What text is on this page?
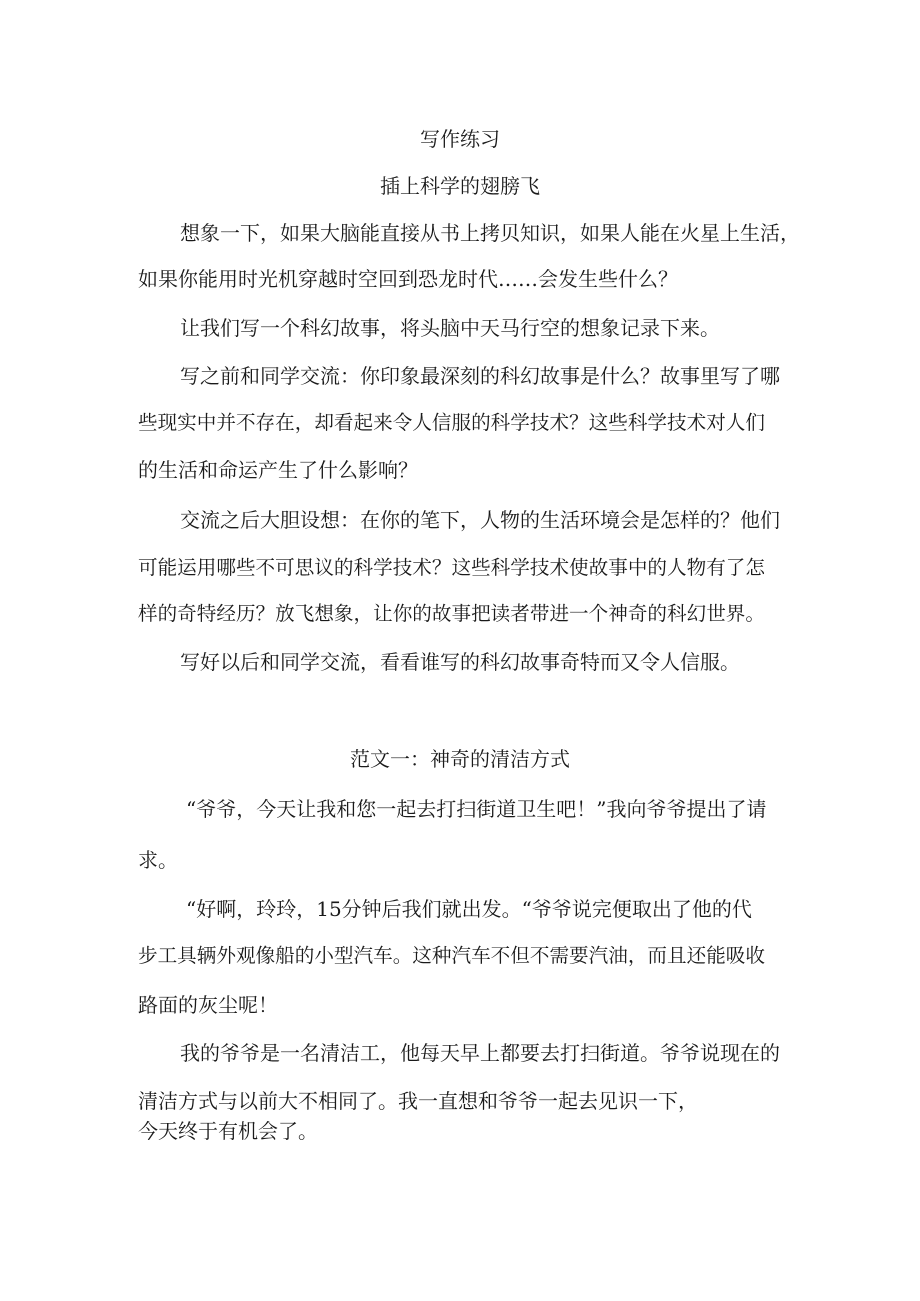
写作练习
插上科学的翅膀飞
想象一下，如果大脑能直接从书上拷贝知识，如果人能在火星上生活，
如果你能用时光机穿越时空回到恐龙时代……会发生些什么？
让我们写一个科幻故事，将头脑中天马行空的想象记录下来。
写之前和同学交流：你印象最深刻的科幻故事是什么？故事里写了哪
些现实中并不存在，却看起来令人信服的科学技术？这些科学技术对人们
的生活和命运产生了什么影响？
交流之后大胆设想：在你的笔下，人物的生活环境会是怎样的？他们
可能运用哪些不可思议的科学技术？这些科学技术使故事中的人物有了怎
样的奇特经历？放飞想象，让你的故事把读者带进一个神奇的科幻世界。
写好以后和同学交流，看看谁写的科幻故事奇特而又令人信服。
范文一：神奇的清洁方式
“爷爷，今天让我和您一起去打扫街道卫生吧！”我向爷爷提出了请
求。
“好啊，玲玲，15分钟后我们就出发。“爷爷说完便取出了他的代
步工具辆外观像船的小型汽车。这种汽车不但不需要汽油，而且还能吸收
路面的灰尘呢！
我的爷爷是一名清洁工，他每天早上都要去打扫街道。爷爷说现在的
清洁方式与以前大不相同了。我一直想和爷爷一起去见识一下，
今天终于有机会了。
